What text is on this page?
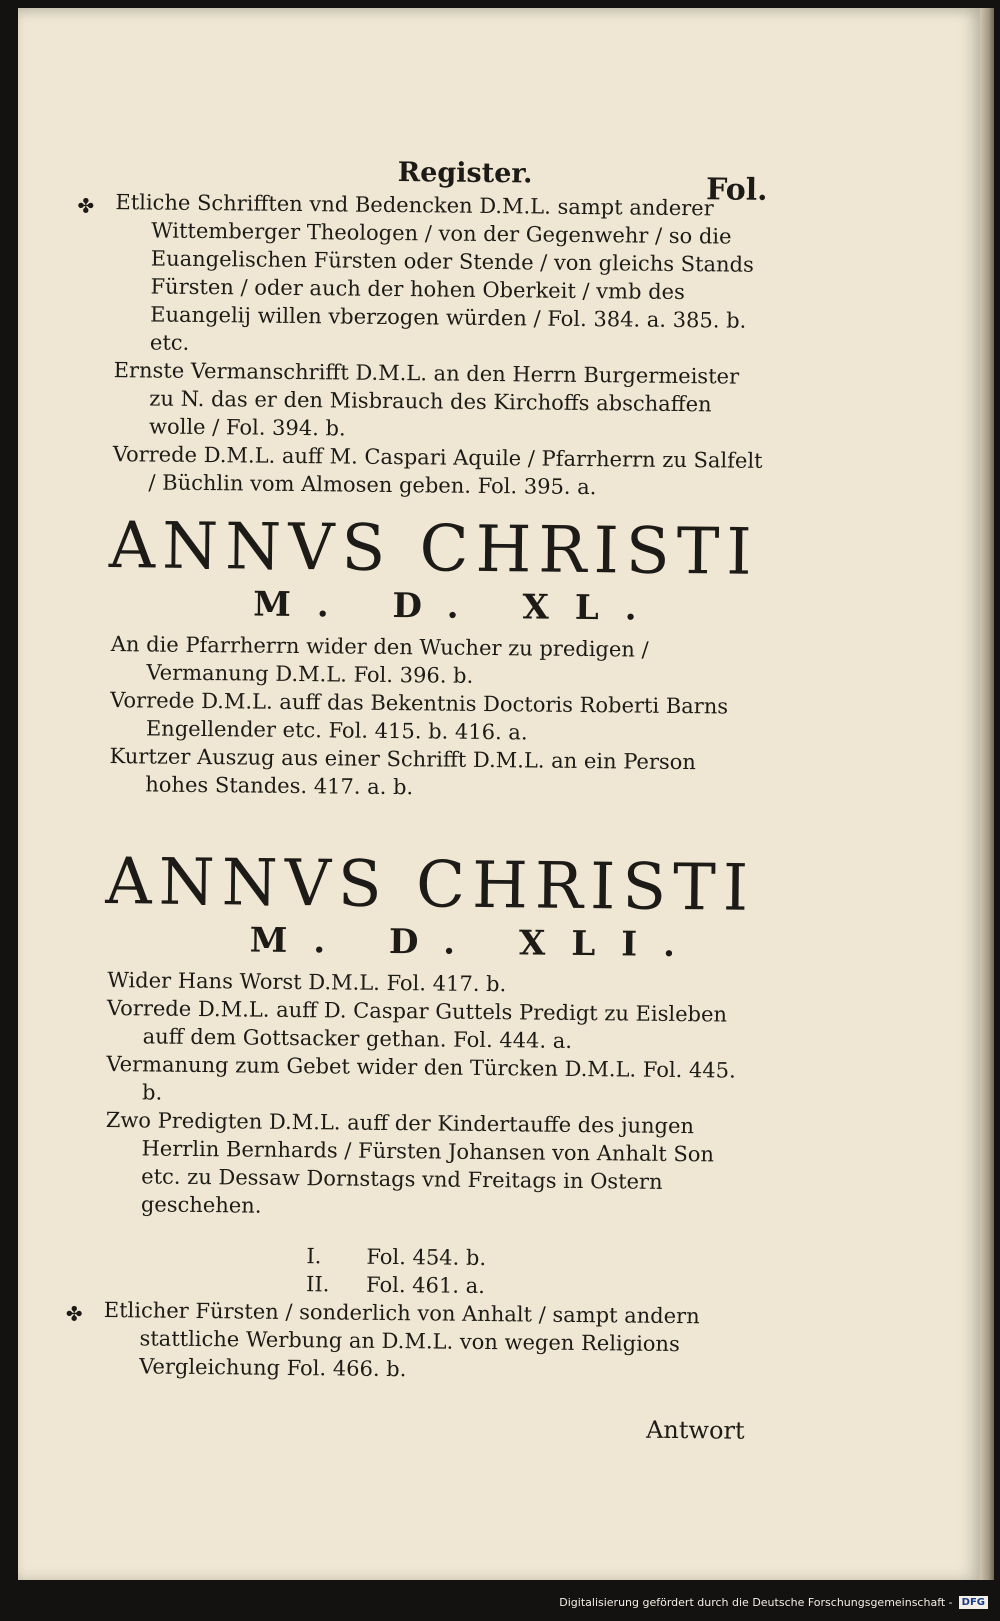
Register.	Fol.

✤ Etliche Schrifften vnd Bedencken D.M.L. sampt anderer Wittemberger Theologen / von der Gegenwehr / so die Euangelischen Fürsten oder Stende / von gleichs Stands Fürsten / oder auch der hohen Oberkeit / vmb des Euangelij willen vberzogen würden / Fol. 384. a. 385. b. etc.

Ernste Vermanschrifft D.M.L. an den Herrn Burgermeister zu N. das er den Misbrauch des Kirchoffs abschaffen wolle / Fol. 394. b.

Vorrede D.M.L. auff M. Caspari Aquile / Pfarrherrn zu Salfelt / Büchlin vom Almosen geben. Fol. 395. a.

ANNVS CHRISTI
M. D. XL.

An die Pfarrherrn wider den Wucher zu predigen / Vermanung D.M.L. Fol. 396. b.

Vorrede D.M.L. auff das Bekentnis Doctoris Roberti Barns Engellender etc. Fol. 415. b. 416. a.

Kurtzer Auszug aus einer Schrifft D.M.L. an ein Person hohes Standes. 417. a. b.

ANNVS CHRISTI
M. D. XLI.

Wider Hans Worst D.M.L. Fol. 417. b.

Vorrede D.M.L. auff D. Caspar Guttels Predigt zu Eisleben auff dem Gottsacker gethan. Fol. 444. a.

Vermanung zum Gebet wider den Türcken D.M.L. Fol. 445. b.

Zwo Predigten D.M.L. auff der Kindertauffe des jungen Herrlin Bernhards / Fürsten Johansen von Anhalt Son etc. zu Dessaw Dornstags vnd Freitags in Ostern geschehen.

I. Fol. 454. b.

II. Fol. 461. a.

✤ Etlicher Fürsten / sonderlich von Anhalt / sampt andern stattliche Werbung an D.M.L. von wegen Religions Vergleichung Fol. 466. b.

Antwort
Digitalisierung gefördert durch die Deutsche Forschungsgemeinschaft - DFG
